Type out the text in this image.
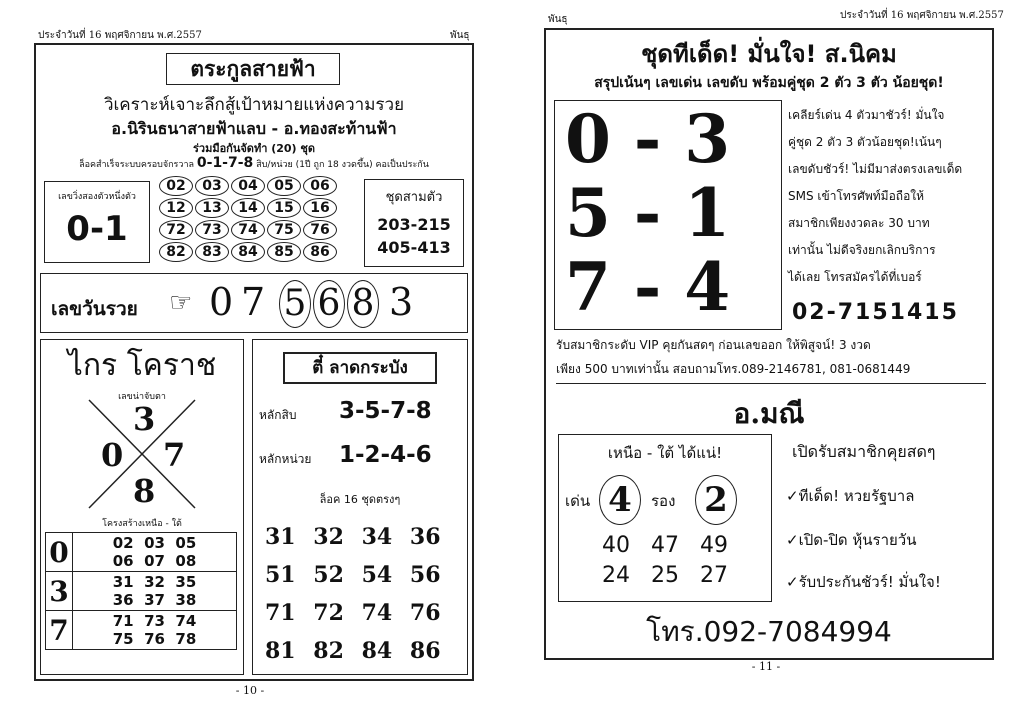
ประจำวันที่ 16 พฤศจิกายน พ.ศ.2557	พันธุ
ตระกูลสายฟ้า
วิเคราะห์เจาะลึกสู้เป้าหมายแห่งความรวย
อ.นิรินธนาสายฟ้าแลบ - อ.ทองสะท้านฟ้า
ร่วมมือกันจัดทำ (20) ชุด
ล็อคสำเร็จระบบครอบจักรวาล 0-1-7-8 สิบ/หน่วย (1ปี ถูก 18 งวดขึ้น) คอเป็นประกัน
เลขวิ่งสองตัวหนึ่งตัว
0-1
02 03 04 05 06
12 13 14 15 16
72 73 74 75 76
82 83 84 85 86
ชุดสามตัว
203-215
405-413
เลขวันรวย ☞ 0 7 5 6 8 3
ไกร โคราช
เลขน่าจับตา
3
0 7
8
โครงสร้างเหนือ - ใต้
0	02 03 05
06 07 08
3	31 32 35
36 37 38
7	71 73 74
75 76 78
ตี๋ ลาดกระบัง
หลักสิบ 3-5-7-8
หลักหน่วย 1-2-4-6
ล็อค 16 ชุดตรงๆ
31 32 34 36
51 52 54 56
71 72 74 76
81 82 84 86
- 10 -
พันธุ	ประจำวันที่ 16 พฤศจิกายน พ.ศ.2557
ชุดทีเด็ด! มั่นใจ! ส.นิคม
สรุปเน้นๆ เลขเด่น เลขดับ พร้อมคู่ชุด 2 ตัว 3 ตัว น้อยชุด!
0 - 3
5 - 1
7 - 4
เคลียร์เด่น 4 ตัวมาชัวร์! มั่นใจ
คู่ชุด 2 ตัว 3 ตัวน้อยชุด!เน้นๆ
เลขดับชัวร์! ไม่มีมาส่งตรงเลขเด็ด
SMS เข้าโทรศัพท์มือถือให้
สมาชิกเพียงงวดละ 30 บาท
เท่านั้น ไม่ดีจริงยกเลิกบริการ
ได้เลย โทรสมัครได้ที่เบอร์
02-7151415
รับสมาชิกระดับ VIP คุยกันสดๆ ก่อนเลขออก ให้พิสูจน์! 3 งวด
เพียง 500 บาทเท่านั้น สอบถามโทร.089-2146781, 081-0681449
อ.มณี
เหนือ - ใต้ ได้แน่!
เด่น 4	รอง 2
40 47 49
24 25 27
เปิดรับสมาชิกคุยสดๆ
✓ทีเด็ด! หวยรัฐบาล
✓เปิด-ปิด หุ้นรายวัน
✓รับประกันชัวร์! มั่นใจ!
โทร.092-7084994
- 11 -
